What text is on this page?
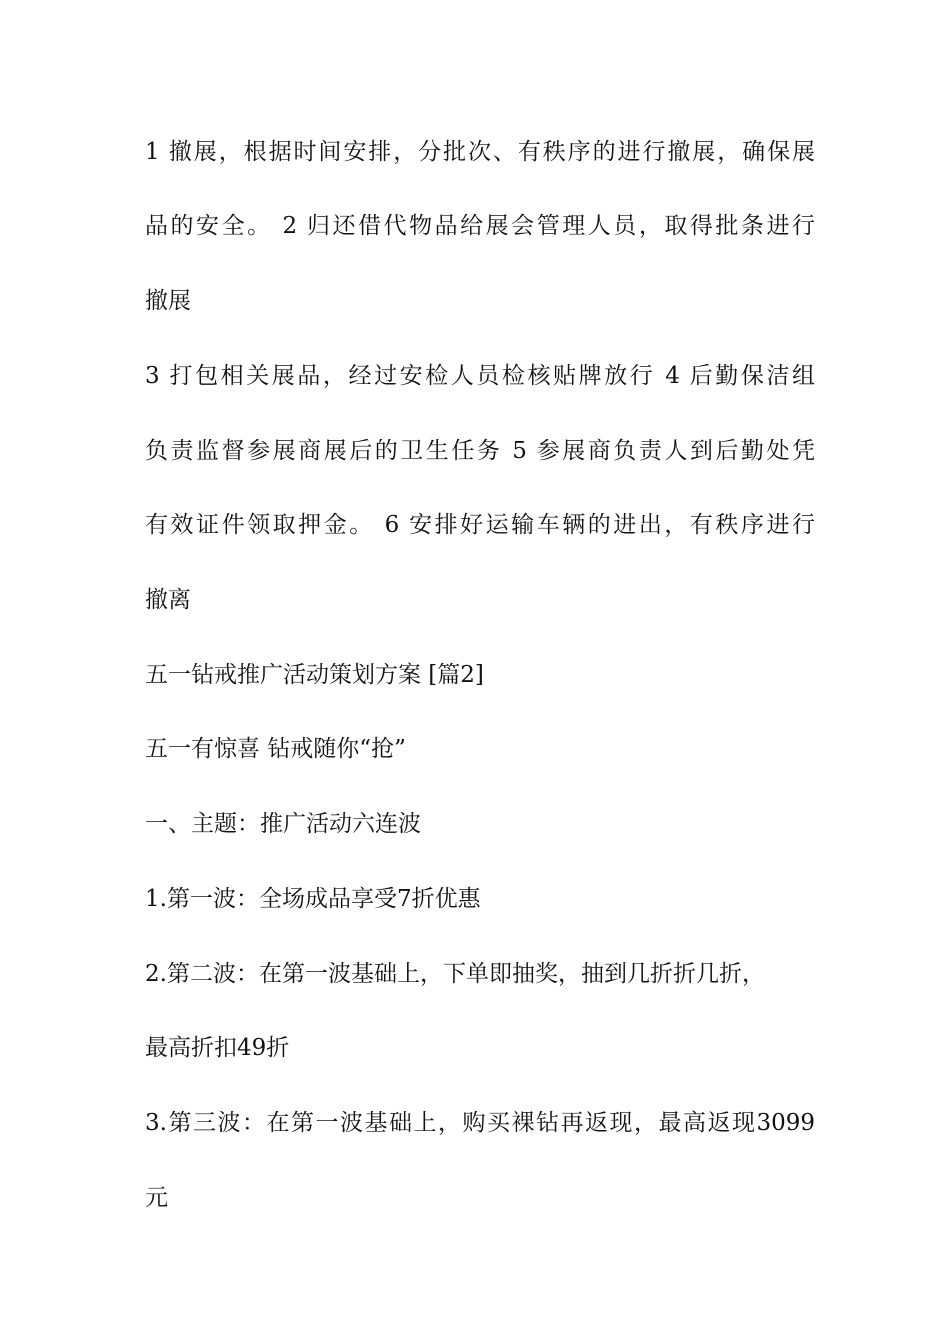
1 撤展，根据时间安排，分批次、有秩序的进行撤展，确保展
品的安全。 2 归还借代物品给展会管理人员，取得批条进行
撤展
3 打包相关展品，经过安检人员检核贴牌放行 4 后勤保洁组
负责监督参展商展后的卫生任务 5 参展商负责人到后勤处凭
有效证件领取押金。 6 安排好运输车辆的进出，有秩序进行
撤离
五一钻戒推广活动策划方案 [篇2]
五一有惊喜 钻戒随你“抢”
一、主题：推广活动六连波
1.第一波：全场成品享受7折优惠
2.第二波：在第一波基础上，下单即抽奖，抽到几折折几折，
最高折扣49折
3.第三波：在第一波基础上，购买裸钻再返现，最高返现3099
元
